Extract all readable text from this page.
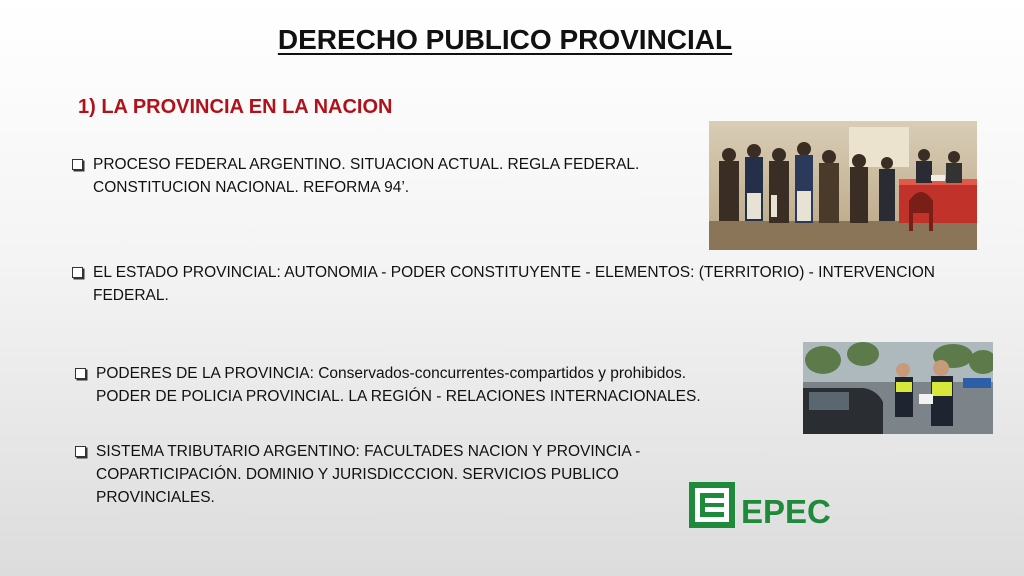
DERECHO PUBLICO PROVINCIAL
1) LA PROVINCIA EN LA NACION
PROCESO FEDERAL ARGENTINO. SITUACION ACTUAL. REGLA FEDERAL.
CONSTITUCION NACIONAL. REFORMA 94’.
EL ESTADO PROVINCIAL: AUTONOMIA - PODER CONSTITUYENTE - ELEMENTOS: (TERRITORIO) - INTERVENCION
FEDERAL.
PODERES DE LA PROVINCIA: Conservados-concurrentes-compartidos y prohibidos.
PODER DE POLICIA PROVINCIAL. LA REGIÓN - RELACIONES INTERNACIONALES.
SISTEMA TRIBUTARIO ARGENTINO: FACULTADES NACION Y PROVINCIA -
COPARTICIPACIÓN. DOMINIO Y JURISDICCCION. SERVICIOS PUBLICO
PROVINCIALES.	EPEC
